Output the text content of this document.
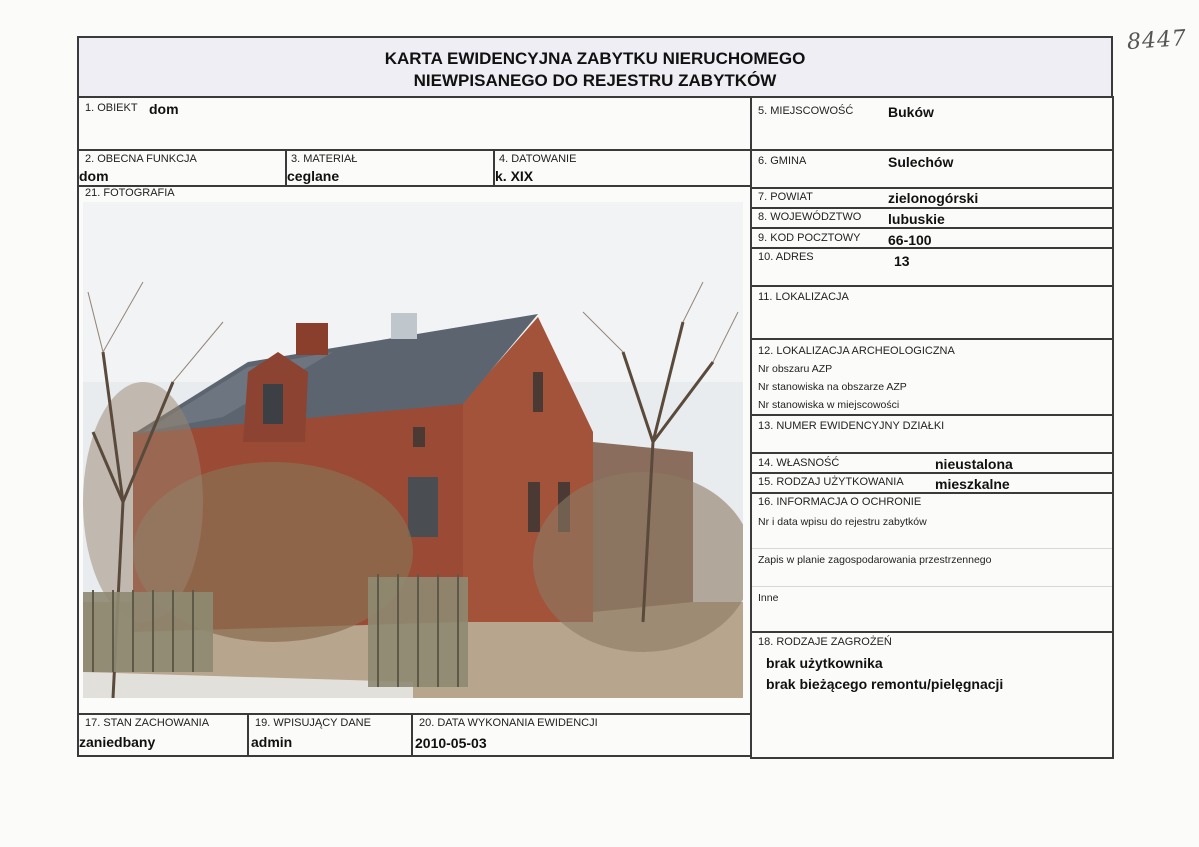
8447
KARTA EWIDENCYJNA ZABYTKU NIERUCHOMEGO
NIEWPISANEGO DO REJESTRU ZABYTKÓW
1. OBIEKT dom
2. OBECNA FUNKCJA
dom
3. MATERIAŁ
ceglane
4. DATOWANIE
k. XIX
21. FOTOGRAFIA
17. STAN ZACHOWANIA
zaniedbany
19. WPISUJĄCY DANE
admin
20. DATA WYKONANIA EWIDENCJI
2010-05-03
5. MIEJSCOWOŚĆ Buków
6. GMINA	Sulechów
7. POWIAT	zielonogórski
8. WOJEWÓDZTWO lubuskie
9. KOD POCZTOWY 66-100
10. ADRES	13
11. LOKALIZACJA
12. LOKALIZACJA ARCHEOLOGICZNA
Nr obszaru AZP
Nr stanowiska na obszarze AZP
Nr stanowiska w miejscowości
13. NUMER EWIDENCYJNY DZIAŁKI
14. WŁASNOŚĆ	nieustalona
15. RODZAJ UŻYTKOWANIA mieszkalne
16. INFORMACJA O OCHRONIE
Nr i data wpisu do rejestru zabytków
Zapis w planie zagospodarowania przestrzennego
Inne
18. RODZAJE ZAGROŻEŃ
brak użytkownika
brak bieżącego remontu/pielęgnacji
